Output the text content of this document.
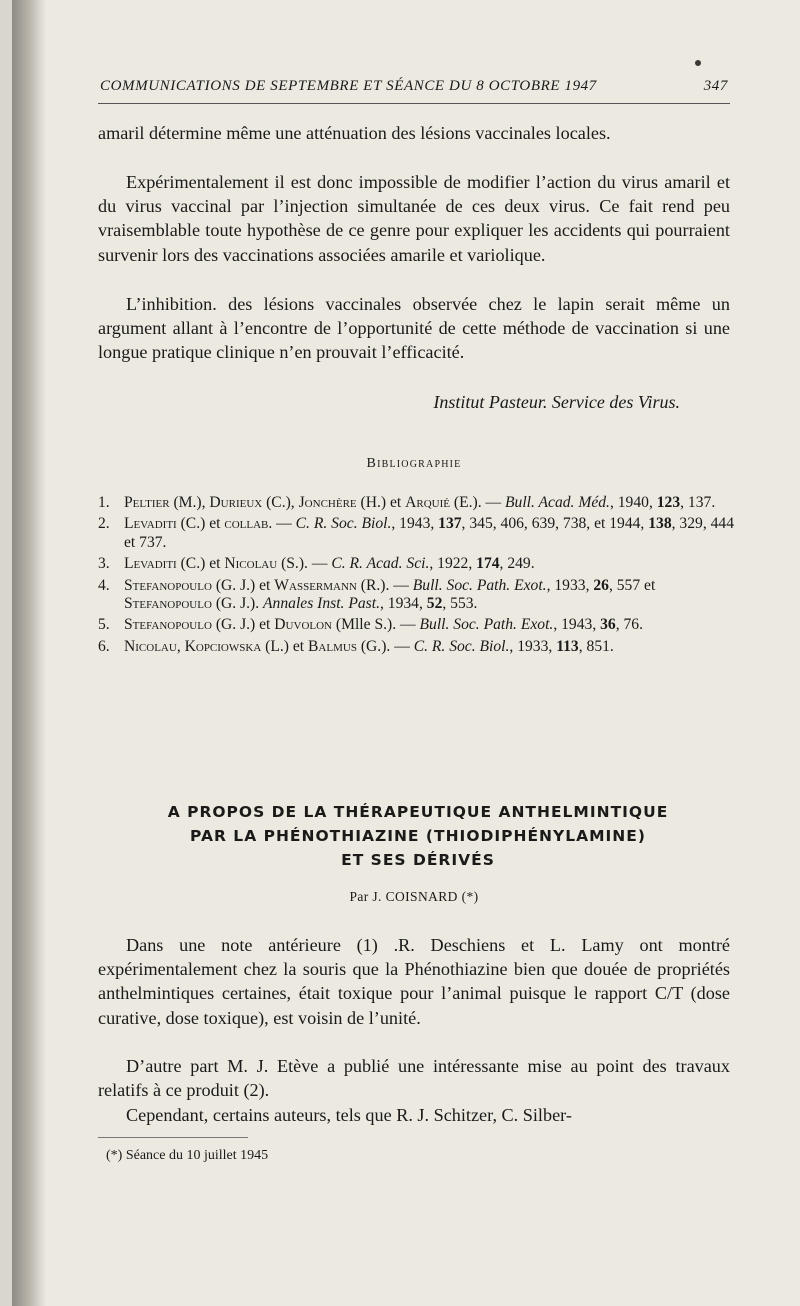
COMMUNICATIONS DE SEPTEMBRE ET SÉANCE DU 8 OCTOBRE 1947	347

amaril détermine même une atténuation des lésions vaccinales locales.

Expérimentalement il est donc impossible de modifier l’action du virus amaril et du virus vaccinal par l’injection simultanée de ces deux virus. Ce fait rend peu vraisemblable toute hypothèse de ce genre pour expliquer les accidents qui pourraient survenir lors des vaccinations associées amarile et variolique.

L’inhibition. des lésions vaccinales observée chez le lapin serait même un argument allant à l’encontre de l’opportunité de cette méthode de vaccination si une longue pratique clinique n’en prouvait l’efficacité.

Institut Pasteur. Service des Virus.
Bibliographie
1. Peltier (M.), Durieux (C.), Jonchère (H.) et Arquié (E.). — Bull. Acad. Méd., 1940, 123, 137.
2. Levaditi (C.) et collab. — C. R. Soc. Biol., 1943, 137, 345, 406, 639, 738, et 1944, 138, 329, 444 et 737.
3. Levaditi (C.) et Nicolau (S.). — C. R. Acad. Sci., 1922, 174, 249.
4. Stefanopoulo (G. J.) et Wassermann (R.). — Bull. Soc. Path. Exot., 1933, 26, 557 et Stefanopoulo (G. J.). Annales Inst. Past., 1934, 52, 553.
5. Stefanopoulo (G. J.) et Duvolon (Mlle S.). — Bull. Soc. Path. Exot., 1943, 36, 76.
6. Nicolau, Kopciowska (L.) et Balmus (G.). — C. R. Soc. Biol., 1933, 113, 851.
A PROPOS DE LA THÉRAPEUTIQUE ANTHELMINTIQUE
PAR LA PHÉNOTHIAZINE (THIODIPHÉNYLAMINE)
ET SES DÉRIVÉS
Par J. COISNARD (*)

Dans une note antérieure (1) .R. Deschiens et L. Lamy ont montré expérimentalement chez la souris que la Phénothiazine bien que douée de propriétés anthelmintiques certaines, était toxique pour l’animal puisque le rapport C/T (dose curative, dose toxique), est voisin de l’unité.

D’autre part M. J. Etève a publié une intéressante mise au point des travaux relatifs à ce produit (2).

Cependant, certains auteurs, tels que R. J. Schitzer, C. Silber-

(*) Séance du 10 juillet 1945
